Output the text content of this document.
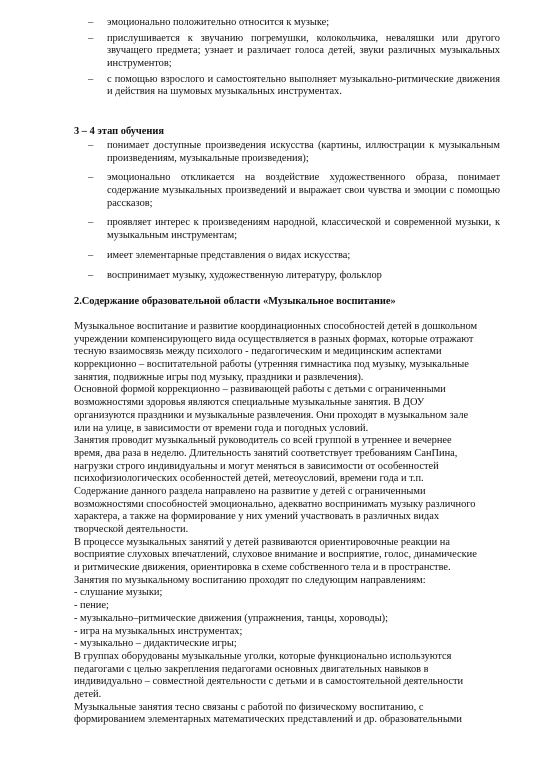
– эмоционально положительно относится к музыке;
– прислушивается к звучанию погремушки, колокольчика, неваляшки или другого звучащего предмета; узнает и различает голоса детей, звуки различных музыкальных инструментов;
– с помощью взрослого и самостоятельно выполняет музыкально-ритмические движения и действия на шумовых музыкальных инструментах.
3 – 4 этап обучения
– понимает доступные произведения искусства (картины, иллюстрации к музыкальным произведениям, музыкальные произведения);
– эмоционально откликается на воздействие художественного образа, понимает содержание музыкальных произведений и выражает свои чувства и эмоции с помощью рассказов;
– проявляет интерес к произведениям народной, классической и современной музыки, к музыкальным инструментам;
– имеет элементарные представления о видах искусства;
– воспринимает музыку, художественную литературу, фольклор
2.Содержание образовательной области «Музыкальное воспитание»

Музыкальное воспитание и развитие координационных способностей детей в дошкольном

учреждении компенсирующего вида осуществляется в разных формах, которые отражают

тесную взаимосвязь между психолого - педагогическим и медицинским аспектами

коррекционно – воспитательной работы (утренняя гимнастика под музыку, музыкальные

занятия, подвижные игры под музыку, праздники и развлечения).

Основной формой коррекционно – развивающей работы с детьми с ограниченными

возможностями здоровья являются специальные музыкальные занятия. В ДОУ

организуются праздники и музыкальные развлечения. Они проходят в музыкальном зале

или на улице, в зависимости от времени года и погодных условий.

Занятия проводит музыкальный руководитель со всей группой в утреннее и вечернее

время, два раза в неделю. Длительность занятий соответствует требованиям СанПина,

нагрузки строго индивидуальны и могут меняться в зависимости от особенностей

психофизиологических особенностей детей, метеоусловий, времени года и т.п.

Содержание данного раздела направлено на развитие у детей с ограниченными

возможностями способностей эмоционально, адекватно воспринимать музыку различного

характера, а также на формирование у них умений участвовать в различных видах

творческой деятельности.

В процессе музыкальных занятий у детей развиваются ориентировочные реакции на

восприятие слуховых впечатлений, слуховое внимание и восприятие, голос, динамические

и ритмические движения, ориентировка в схеме собственного тела и в пространстве.

Занятия по музыкальному воспитанию проходят по следующим направлениям:

- слушание музыки;

- пение;

- музыкально–ритмические движения (упражнения, танцы, хороводы);

- игра на музыкальных инструментах;

- музыкально – дидактические игры;

В группах оборудованы музыкальные уголки, которые функционально используются

педагогами с целью закрепления педагогами основных двигательных навыков в

индивидуально – совместной деятельности с детьми и в самостоятельной деятельности

детей.

Музыкальные занятия тесно связаны с работой по физическому воспитанию, с

формированием элементарных математических представлений и др. образовательными
